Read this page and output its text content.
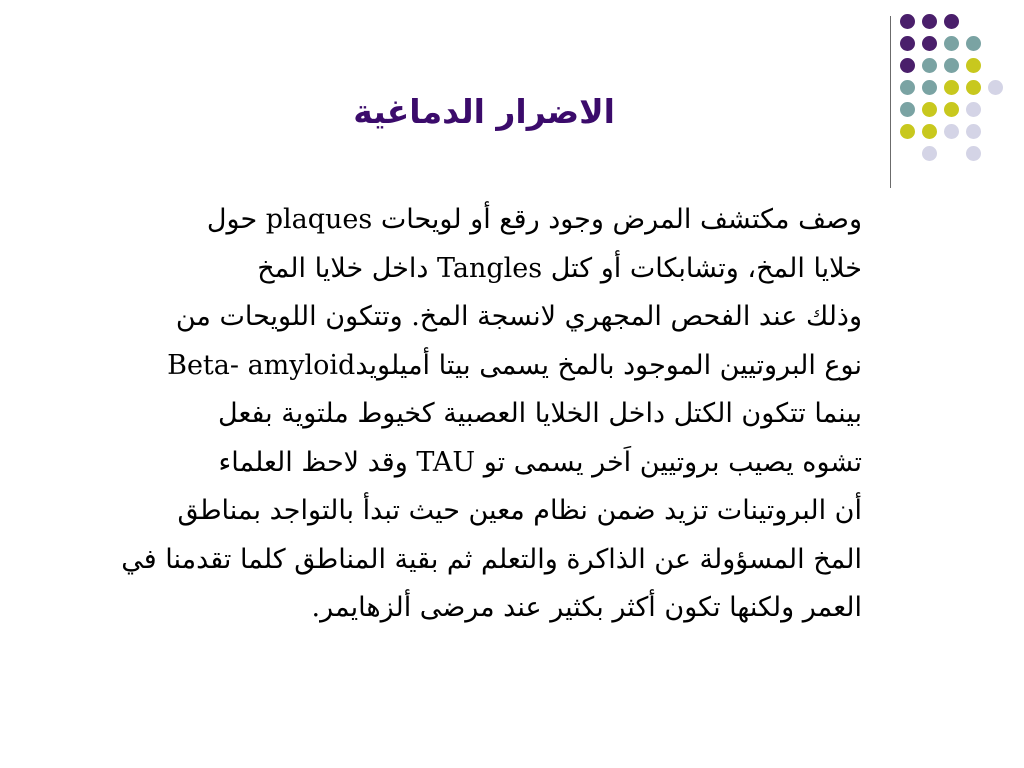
الاضرار الدماغية
وصف مكتشف المرض وجود رقع أو لويحات plaques حول
خلايا المخ، وتشابكات أو كتل Tangles داخل خلايا المخ
وذلك عند الفحص المجهري لانسجة المخ. وتتكون اللويحات من
نوع البروتيين الموجود بالمخ يسمى بيتا أميلويدBeta- amyloid
بينما تتكون الكتل داخل الخلايا العصبية كخيوط ملتوية بفعل
تشوه يصيب بروتيين اَخر يسمى تو TAU وقد لاحظ العلماء
أن البروتينات تزيد ضمن نظام معين حيث تبدأ بالتواجد بمناطق
المخ المسؤولة عن الذاكرة والتعلم ثم بقية المناطق كلما تقدمنا في
العمر ولكنها تكون أكثر بكثير عند مرضى ألزهايمر.
